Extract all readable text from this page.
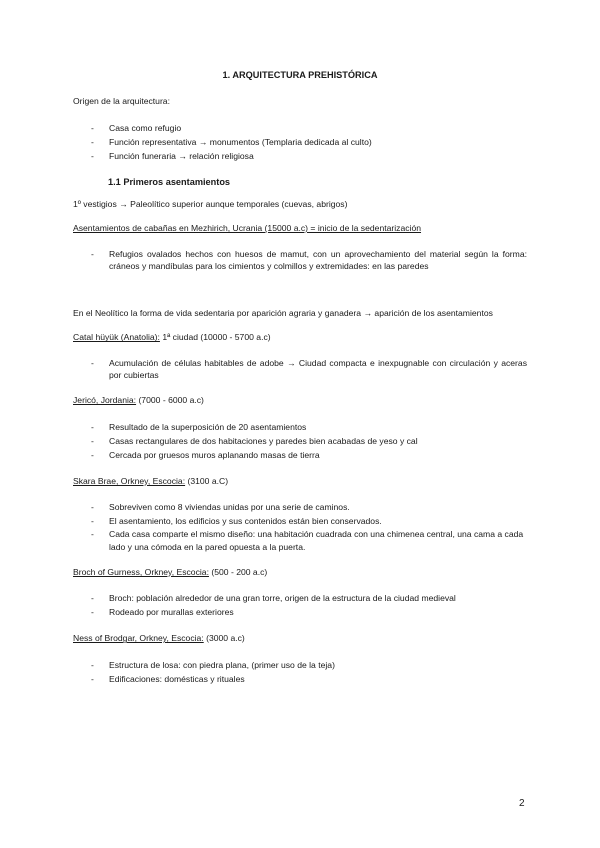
1. ARQUITECTURA PREHISTÓRICA

Origen de la arquitectura:

- Casa como refugio
- Función representativa → monumentos (Templaria dedicada al culto)
- Función funeraria → relación religiosa
1.1 Primeros asentamientos

1º vestigios → Paleolítico superior aunque temporales (cuevas, abrigos)

Asentamientos de cabañas en Mezhirich, Ucrania (15000 a.c) = inicio de la sedentarización

- Refugios ovalados hechos con huesos de mamut, con un aprovechamiento del material según la forma: cráneos y mandíbulas para los cimientos y colmillos y extremidades: en las paredes

En el Neolítico la forma de vida sedentaria por aparición agraria y ganadera → aparición de los asentamientos

Catal hüyük (Anatolia): 1ª ciudad (10000 - 5700 a.c)

- Acumulación de células habitables de adobe → Ciudad compacta e inexpugnable con circulación y aceras por cubiertas

Jericó, Jordania: (7000 - 6000 a.c)

- Resultado de la superposición de 20 asentamientos
- Casas rectangulares de dos habitaciones y paredes bien acabadas de yeso y cal
- Cercada por gruesos muros aplanando masas de tierra

Skara Brae, Orkney, Escocia: (3100 a.C)

- Sobreviven como 8 viviendas unidas por una serie de caminos.
- El asentamiento, los edificios y sus contenidos están bien conservados.
- Cada casa comparte el mismo diseño: una habitación cuadrada con una chimenea central, una cama a cada lado y una cómoda en la pared opuesta a la puerta.

Broch of Gurness, Orkney, Escocia: (500 - 200 a.c)

- Broch: población alrededor de una gran torre, origen de la estructura de la ciudad medieval
- Rodeado por murallas exteriores

Ness of Brodgar, Orkney, Escocia: (3000 a.c)

- Estructura de losa: con piedra plana, (primer uso de la teja)
- Edificaciones: domésticas y rituales
2
